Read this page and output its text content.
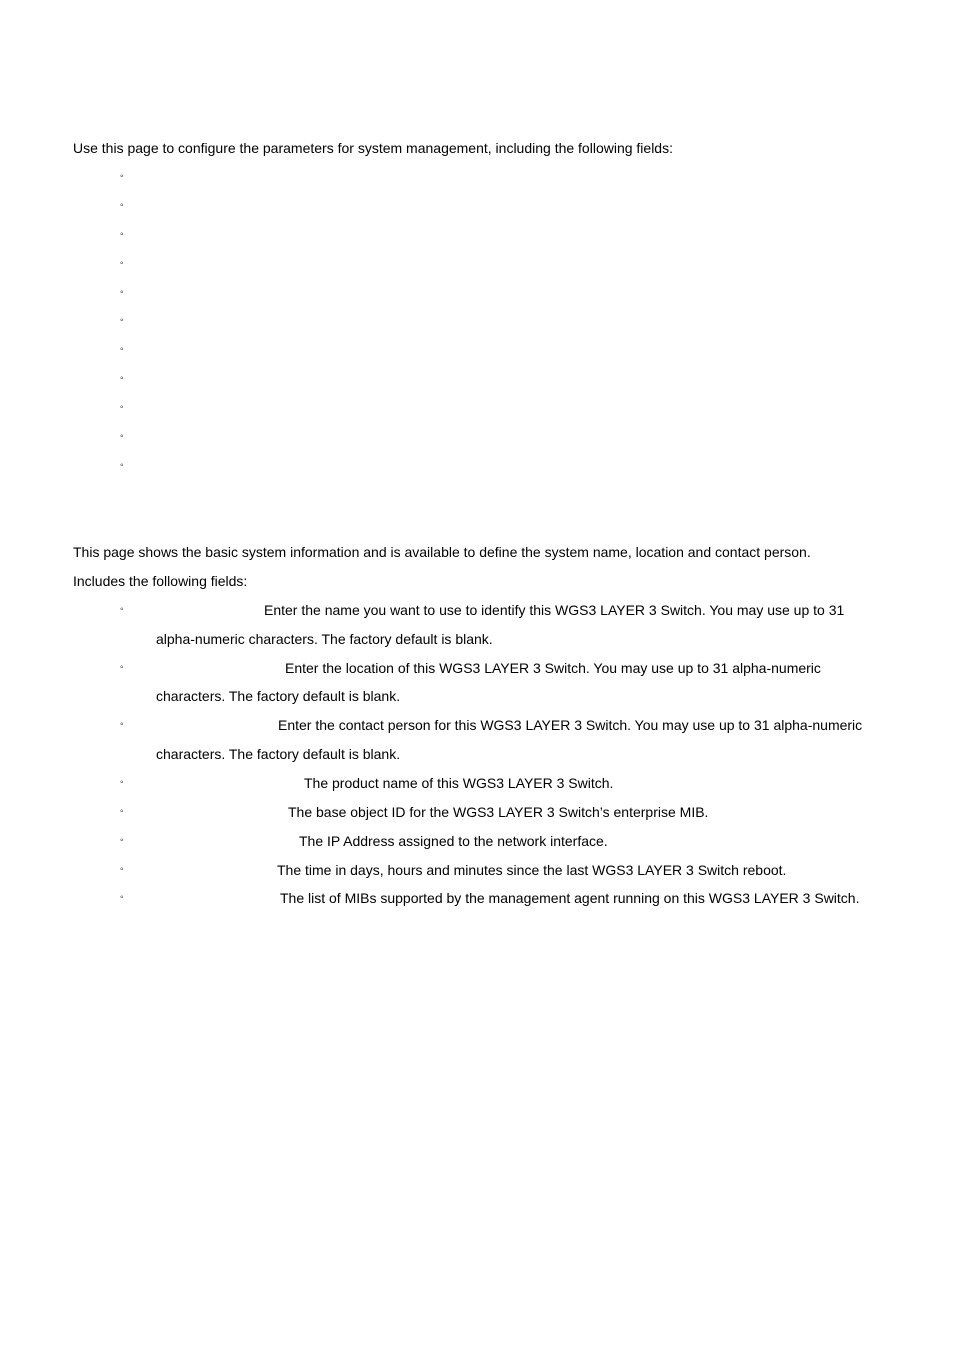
Use this page to configure the parameters for system management, including the following fields:
◦
◦
◦
◦
◦
◦
◦
◦
◦
◦
◦
This page shows the basic system information and is available to define the system name, location and contact person.
Includes the following fields:
◦	Enter the name you want to use to identify this WGS3 LAYER 3 Switch. You may use up to 31
alpha-numeric characters. The factory default is blank.
◦	Enter the location of this WGS3 LAYER 3 Switch. You may use up to 31 alpha-numeric
characters. The factory default is blank.
◦	Enter the contact person for this WGS3 LAYER 3 Switch. You may use up to 31 alpha-numeric
characters. The factory default is blank.
◦	The product name of this WGS3 LAYER 3 Switch.
◦	The base object ID for the WGS3 LAYER 3 Switch’s enterprise MIB.
◦	The IP Address assigned to the network interface.
◦	The time in days, hours and minutes since the last WGS3 LAYER 3 Switch reboot.
◦	The list of MIBs supported by the management agent running on this WGS3 LAYER 3 Switch.
